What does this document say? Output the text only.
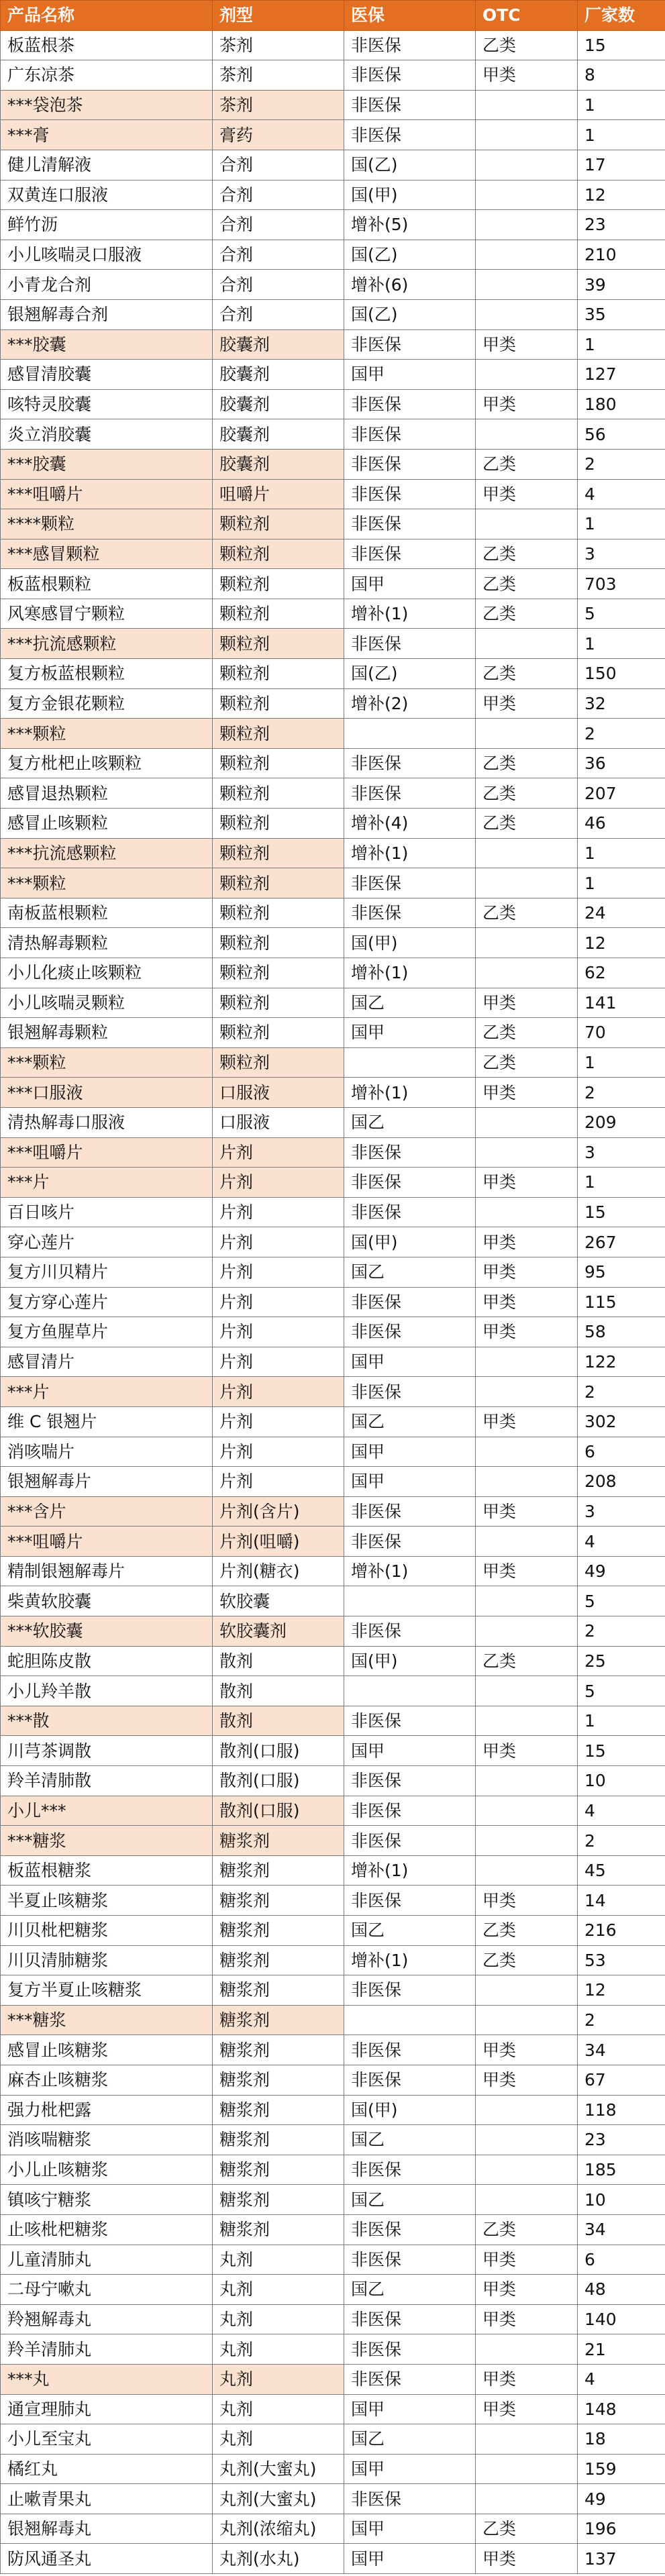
产品名称	剂型	医保	OTC	厂家数
板蓝根茶	茶剂	非医保	乙类	15
广东凉茶	茶剂	非医保	甲类	8
***袋泡茶	茶剂	非医保		1
***膏	膏药	非医保		1
健儿清解液	合剂	国(乙)		17
双黄连口服液	合剂	国(甲)		12
鲜竹沥	合剂	增补(5)		23
小儿咳喘灵口服液	合剂	国(乙)		210
小青龙合剂	合剂	增补(6)		39
银翘解毒合剂	合剂	国(乙)		35
***胶囊	胶囊剂	非医保	甲类	1
感冒清胶囊	胶囊剂	国甲		127
咳特灵胶囊	胶囊剂	非医保	甲类	180
炎立消胶囊	胶囊剂	非医保		56
***胶囊	胶囊剂	非医保	乙类	2
***咀嚼片	咀嚼片	非医保	甲类	4
****颗粒	颗粒剂	非医保		1
***感冒颗粒	颗粒剂	非医保	乙类	3
板蓝根颗粒	颗粒剂	国甲	乙类	703
风寒感冒宁颗粒	颗粒剂	增补(1)	乙类	5
***抗流感颗粒	颗粒剂	非医保		1
复方板蓝根颗粒	颗粒剂	国(乙)	乙类	150
复方金银花颗粒	颗粒剂	增补(2)	甲类	32
***颗粒	颗粒剂			2
复方枇杷止咳颗粒	颗粒剂	非医保	乙类	36
感冒退热颗粒	颗粒剂	非医保	乙类	207
感冒止咳颗粒	颗粒剂	增补(4)	乙类	46
***抗流感颗粒	颗粒剂	增补(1)		1
***颗粒	颗粒剂	非医保		1
南板蓝根颗粒	颗粒剂	非医保	乙类	24
清热解毒颗粒	颗粒剂	国(甲)		12
小儿化痰止咳颗粒	颗粒剂	增补(1)		62
小儿咳喘灵颗粒	颗粒剂	国乙	甲类	141
银翘解毒颗粒	颗粒剂	国甲	乙类	70
***颗粒	颗粒剂		乙类	1
***口服液	口服液	增补(1)	甲类	2
清热解毒口服液	口服液	国乙		209
***咀嚼片	片剂	非医保		3
***片	片剂	非医保	甲类	1
百日咳片	片剂	非医保		15
穿心莲片	片剂	国(甲)	甲类	267
复方川贝精片	片剂	国乙	甲类	95
复方穿心莲片	片剂	非医保	甲类	115
复方鱼腥草片	片剂	非医保	甲类	58
感冒清片	片剂	国甲		122
***片	片剂	非医保		2
维 C 银翘片	片剂	国乙	甲类	302
消咳喘片	片剂	国甲		6
银翘解毒片	片剂	国甲		208
***含片	片剂(含片)	非医保	甲类	3
***咀嚼片	片剂(咀嚼)	非医保		4
精制银翘解毒片	片剂(糖衣)	增补(1)	甲类	49
柴黄软胶囊	软胶囊			5
***软胶囊	软胶囊剂	非医保		2
蛇胆陈皮散	散剂	国(甲)	乙类	25
小儿羚羊散	散剂			5
***散	散剂	非医保		1
川芎茶调散	散剂(口服)	国甲	甲类	15
羚羊清肺散	散剂(口服)	非医保		10
小儿***	散剂(口服)	非医保		4
***糖浆	糖浆剂	非医保		2
板蓝根糖浆	糖浆剂	增补(1)		45
半夏止咳糖浆	糖浆剂	非医保	甲类	14
川贝枇杷糖浆	糖浆剂	国乙	乙类	216
川贝清肺糖浆	糖浆剂	增补(1)	乙类	53
复方半夏止咳糖浆	糖浆剂	非医保		12
***糖浆	糖浆剂			2
感冒止咳糖浆	糖浆剂	非医保	甲类	34
麻杏止咳糖浆	糖浆剂	非医保	甲类	67
强力枇杷露	糖浆剂	国(甲)		118
消咳喘糖浆	糖浆剂	国乙		23
小儿止咳糖浆	糖浆剂	非医保		185
镇咳宁糖浆	糖浆剂	国乙		10
止咳枇杷糖浆	糖浆剂	非医保	乙类	34
儿童清肺丸	丸剂	非医保	甲类	6
二母宁嗽丸	丸剂	国乙	甲类	48
羚翘解毒丸	丸剂	非医保	甲类	140
羚羊清肺丸	丸剂	非医保		21
***丸	丸剂	非医保	甲类	4
通宣理肺丸	丸剂	国甲	甲类	148
小儿至宝丸	丸剂	国乙		18
橘红丸	丸剂(大蜜丸)	国甲		159
止嗽青果丸	丸剂(大蜜丸)	非医保		49
银翘解毒丸	丸剂(浓缩丸)	国甲	乙类	196
防风通圣丸	丸剂(水丸)	国甲	甲类	137
